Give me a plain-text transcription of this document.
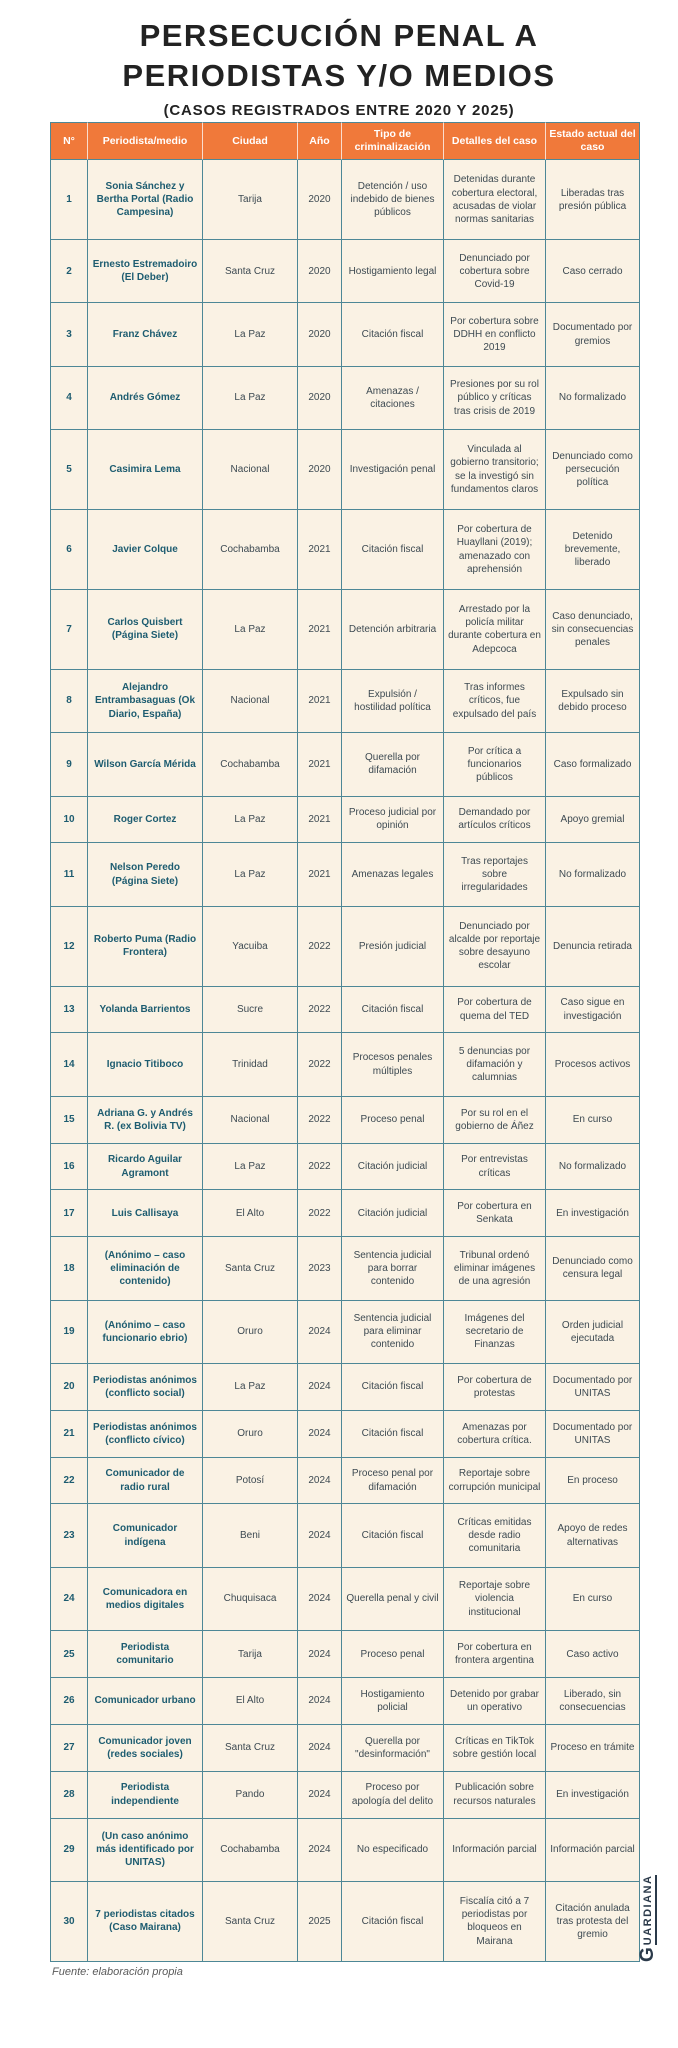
PERSECUCIÓN PENAL A
PERIODISTAS Y/O MEDIOS
(CASOS REGISTRADOS ENTRE 2020 Y 2025)
N°	Periodista/medio	Ciudad	Año	Tipo de criminalización	Detalles del caso	Estado actual del caso
1	Sonia Sánchez y Bertha Portal (Radio Campesina)	Tarija	2020	Detención / uso indebido de bienes públicos	Detenidas durante cobertura electoral, acusadas de violar normas sanitarias	Liberadas tras presión pública
2	Ernesto Estremadoiro (El Deber)	Santa Cruz	2020	Hostigamiento legal	Denunciado por cobertura sobre Covid-19	Caso cerrado
3	Franz Chávez	La Paz	2020	Citación fiscal	Por cobertura sobre DDHH en conflicto 2019	Documentado por gremios
4	Andrés Gómez	La Paz	2020	Amenazas / citaciones	Presiones por su rol público y críticas tras crisis de 2019	No formalizado
5	Casimira Lema	Nacional	2020	Investigación penal	Vinculada al gobierno transitorio; se la investigó sin fundamentos claros	Denunciado como persecución política
6	Javier Colque	Cochabamba	2021	Citación fiscal	Por cobertura de Huayllani (2019); amenazado con aprehensión	Detenido brevemente, liberado
7	Carlos Quisbert (Página Siete)	La Paz	2021	Detención arbitraria	Arrestado por la policía militar durante cobertura en Adepcoca	Caso denunciado, sin consecuencias penales
8	Alejandro Entrambasaguas (Ok Diario, España)	Nacional	2021	Expulsión / hostilidad política	Tras informes críticos, fue expulsado del país	Expulsado sin debido proceso
9	Wilson García Mérida	Cochabamba	2021	Querella por difamación	Por crítica a funcionarios públicos	Caso formalizado
10	Roger Cortez	La Paz	2021	Proceso judicial por opinión	Demandado por artículos críticos	Apoyo gremial
11	Nelson Peredo (Página Siete)	La Paz	2021	Amenazas legales	Tras reportajes sobre irregularidades	No formalizado
12	Roberto Puma (Radio Frontera)	Yacuiba	2022	Presión judicial	Denunciado por alcalde por reportaje sobre desayuno escolar	Denuncia retirada
13	Yolanda Barrientos	Sucre	2022	Citación fiscal	Por cobertura de quema del TED	Caso sigue en investigación
14	Ignacio Titiboco	Trinidad	2022	Procesos penales múltiples	5 denuncias por difamación y calumnias	Procesos activos
15	Adriana G. y Andrés R. (ex Bolivia TV)	Nacional	2022	Proceso penal	Por su rol en el gobierno de Áñez	En curso
16	Ricardo Aguilar Agramont	La Paz	2022	Citación judicial	Por entrevistas críticas	No formalizado
17	Luis Callisaya	El Alto	2022	Citación judicial	Por cobertura en Senkata	En investigación
18	(Anónimo – caso eliminación de contenido)	Santa Cruz	2023	Sentencia judicial para borrar contenido	Tribunal ordenó eliminar imágenes de una agresión	Denunciado como censura legal
19	(Anónimo – caso funcionario ebrio)	Oruro	2024	Sentencia judicial para eliminar contenido	Imágenes del secretario de Finanzas	Orden judicial ejecutada
20	Periodistas anónimos (conflicto social)	La Paz	2024	Citación fiscal	Por cobertura de protestas	Documentado por UNITAS
21	Periodistas anónimos (conflicto cívico)	Oruro	2024	Citación fiscal	Amenazas por cobertura crítica.	Documentado por UNITAS
22	Comunicador de radio rural	Potosí	2024	Proceso penal por difamación	Reportaje sobre corrupción municipal	En proceso
23	Comunicador indígena	Beni	2024	Citación fiscal	Críticas emitidas desde radio comunitaria	Apoyo de redes alternativas
24	Comunicadora en medios digitales	Chuquisaca	2024	Querella penal y civil	Reportaje sobre violencia institucional	En curso
25	Periodista comunitario	Tarija	2024	Proceso penal	Por cobertura en frontera argentina	Caso activo
26	Comunicador urbano	El Alto	2024	Hostigamiento policial	Detenido por grabar un operativo	Liberado, sin consecuencias
27	Comunicador joven (redes sociales)	Santa Cruz	2024	Querella por "desinformación"	Críticas en TikTok sobre gestión local	Proceso en trámite
28	Periodista independiente	Pando	2024	Proceso por apología del delito	Publicación sobre recursos naturales	En investigación
29	(Un caso anónimo más identificado por UNITAS)	Cochabamba	2024	No especificado	Información parcial	Información parcial
30	7 periodistas citados (Caso Mairana)	Santa Cruz	2025	Citación fiscal	Fiscalía citó a 7 periodistas por bloqueos en Mairana	Citación anulada tras protesta del gremio
Fuente: elaboración propia
G
UARDIANA
